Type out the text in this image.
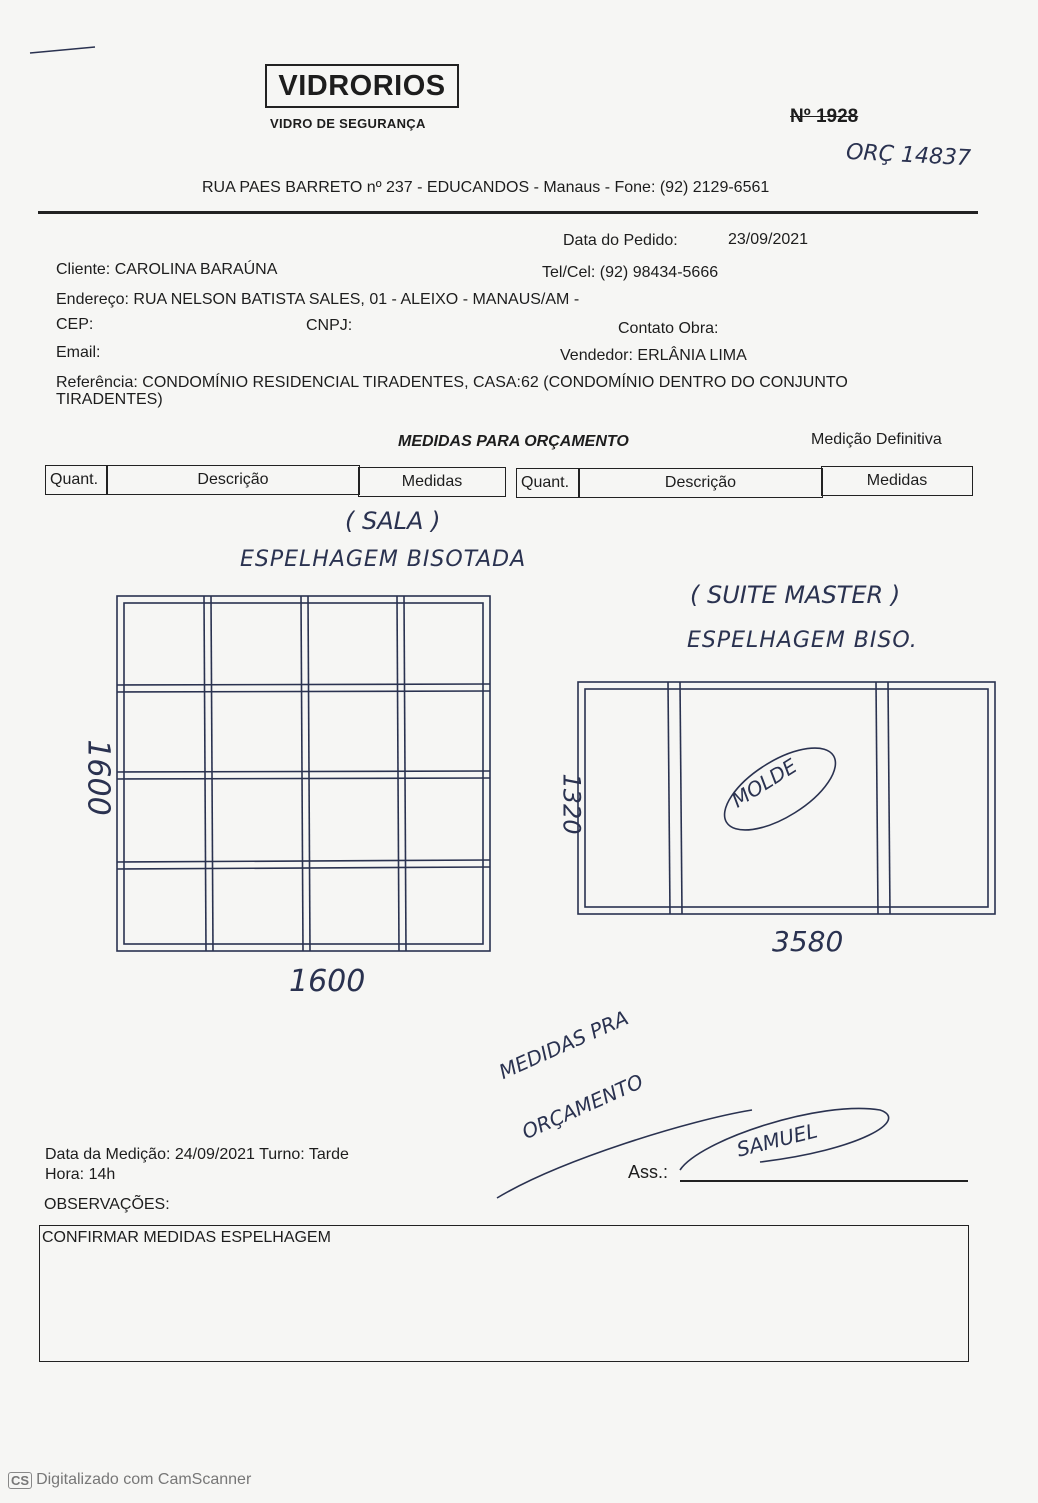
VIDRORIOS
VIDRO DE SEGURANÇA	Nº 1928
ORÇ 14837
RUA PAES BARRETO nº 237 - EDUCANDOS - Manaus - Fone: (92) 2129-6561
Data do Pedido:	23/09/2021
Cliente: CAROLINA BARAÚNA	Tel/Cel: (92) 98434-5666
Endereço: RUA NELSON BATISTA SALES, 01 - ALEIXO - MANAUS/AM -
CEP:	CNPJ:	Contato Obra:
Email:	Vendedor: ERLÂNIA LIMA
Referência: CONDOMÍNIO RESIDENCIAL TIRADENTES, CASA:62 (CONDOMÍNIO DENTRO DO CONJUNTO
TIRADENTES)
MEDIDAS PARA ORÇAMENTO	Medição Definitiva
Quant.	Descrição	Medidas	Quant.	Descrição	Medidas
( SALA )
ESPELHAGEM BISOTADA
1600
1600
( SUITE MASTER )
ESPELHAGEM BISO.
1320
3580
MOLDE
MEDIDAS PRA
ORÇAMENTO	SAMUEL
Data da Medição: 24/09/2021 Turno: Tarde
Hora: 14h	Ass.:
OBSERVAÇÕES:
CONFIRMAR MEDIDAS ESPELHAGEM
CS Digitalizado com CamScanner
